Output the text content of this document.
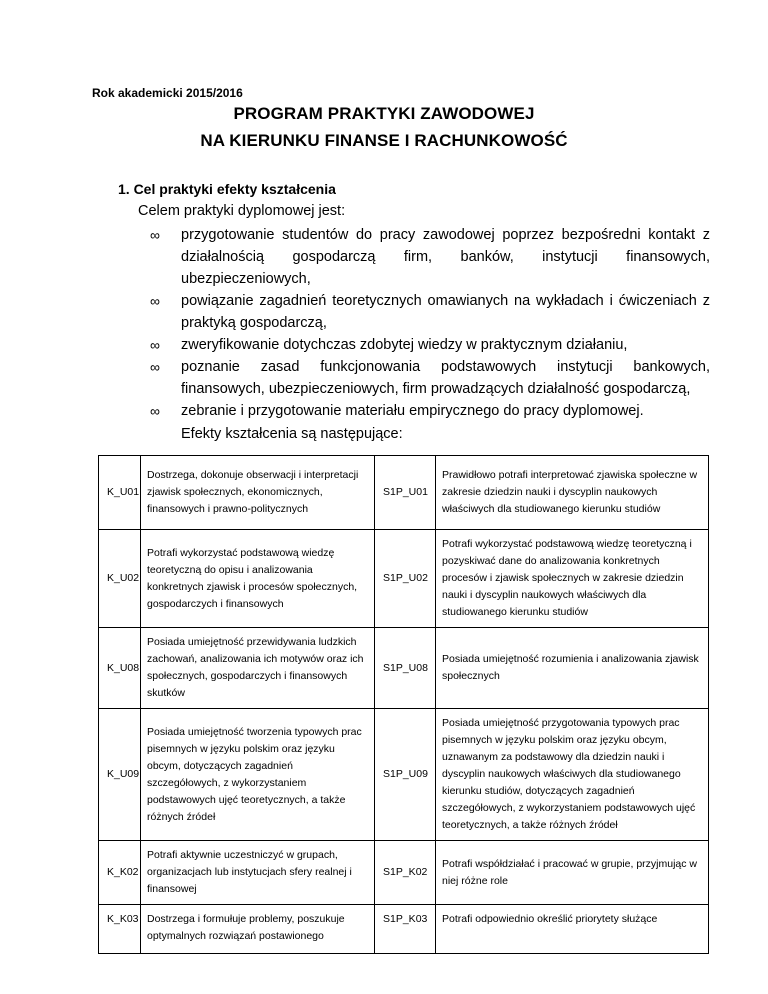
Rok akademicki 2015/2016
PROGRAM PRAKTYKI ZAWODOWEJ
NA KIERUNKU FINANSE I RACHUNKOWOŚĆ
1. Cel praktyki efekty kształcenia
Celem praktyki dyplomowej jest:
∞ przygotowanie studentów do pracy zawodowej poprzez bezpośredni kontakt z działalnością gospodarczą firm, banków, instytucji finansowych, ubezpieczeniowych,
∞ powiązanie zagadnień teoretycznych omawianych na wykładach i ćwiczeniach z praktyką gospodarczą,
∞ zweryfikowanie dotychczas zdobytej wiedzy w praktycznym działaniu,
∞ poznanie zasad funkcjonowania podstawowych instytucji bankowych, finansowych, ubezpieczeniowych, firm prowadzących działalność gospodarczą,
∞ zebranie i przygotowanie materiału empirycznego do pracy dyplomowej.
Efekty kształcenia są następujące:
K_U01	Dostrzega, dokonuje obserwacji i interpretacji zjawisk społecznych, ekonomicznych, finansowych i prawno-politycznych	S1P_U01	Prawidłowo potrafi interpretować zjawiska społeczne w zakresie dziedzin nauki i dyscyplin naukowych właściwych dla studiowanego kierunku studiów
K_U02	Potrafi wykorzystać podstawową wiedzę teoretyczną do opisu i analizowania konkretnych zjawisk i procesów społecznych, gospodarczych i finansowych	S1P_U02	Potrafi wykorzystać podstawową wiedzę teoretyczną i pozyskiwać dane do analizowania konkretnych procesów i zjawisk społecznych w zakresie dziedzin nauki i dyscyplin naukowych właściwych dla studiowanego kierunku studiów
K_U08	Posiada umiejętność przewidywania ludzkich zachowań, analizowania ich motywów oraz ich społecznych, gospodarczych i finansowych skutków	S1P_U08	Posiada umiejętność rozumienia i analizowania zjawisk społecznych
K_U09	Posiada umiejętność tworzenia typowych prac pisemnych w języku polskim oraz języku obcym, dotyczących zagadnień szczegółowych, z wykorzystaniem podstawowych ujęć teoretycznych, a także różnych źródeł	S1P_U09	Posiada umiejętność przygotowania typowych prac pisemnych w języku polskim oraz języku obcym, uznawanym za podstawowy dla dziedzin nauki i dyscyplin naukowych właściwych dla studiowanego kierunku studiów, dotyczących zagadnień szczegółowych, z wykorzystaniem podstawowych ujęć teoretycznych, a także różnych źródeł
K_K02	Potrafi aktywnie uczestniczyć w grupach, organizacjach lub instytucjach sfery realnej i finansowej	S1P_K02	Potrafi współdziałać i pracować w grupie, przyjmując w niej różne role
K_K03	Dostrzega i formułuje problemy, poszukuje optymalnych rozwiązań postawionego	S1P_K03	Potrafi odpowiednio określić priorytety służące
